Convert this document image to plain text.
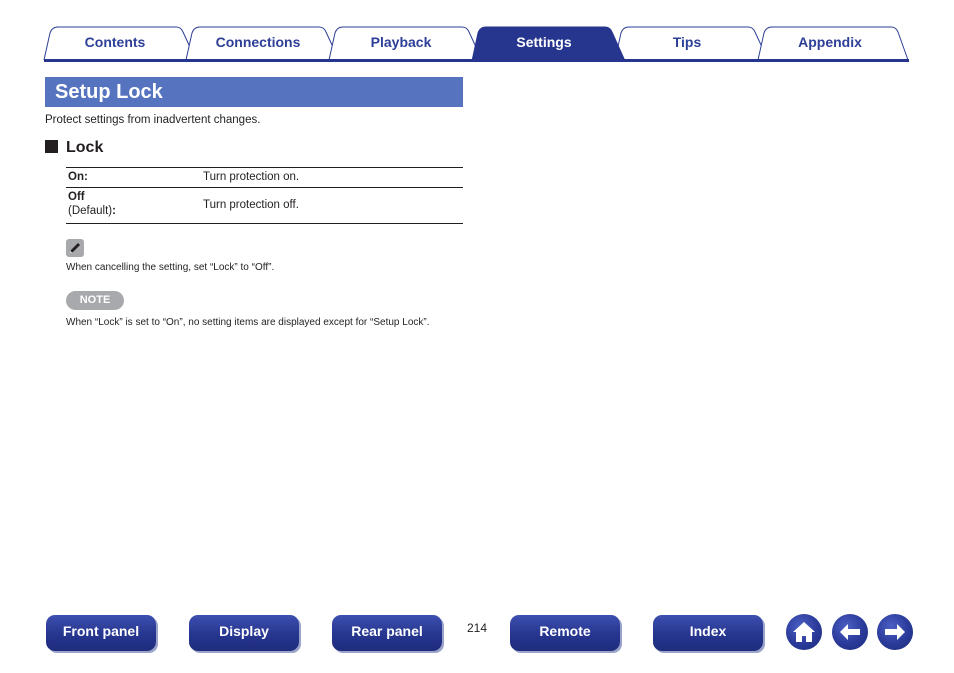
Contents	Connections	Playback	Settings	Tips	Appendix
Setup Lock
Protect settings from inadvertent changes.
Lock
On:	Turn protection on.
Off
(Default):	Turn protection off.
When cancelling the setting, set “Lock” to “Off”.
NOTE
When “Lock” is set to “On”, no setting items are displayed except for “Setup Lock”.
Front panel	Display	Rear panel	214	Remote	Index
